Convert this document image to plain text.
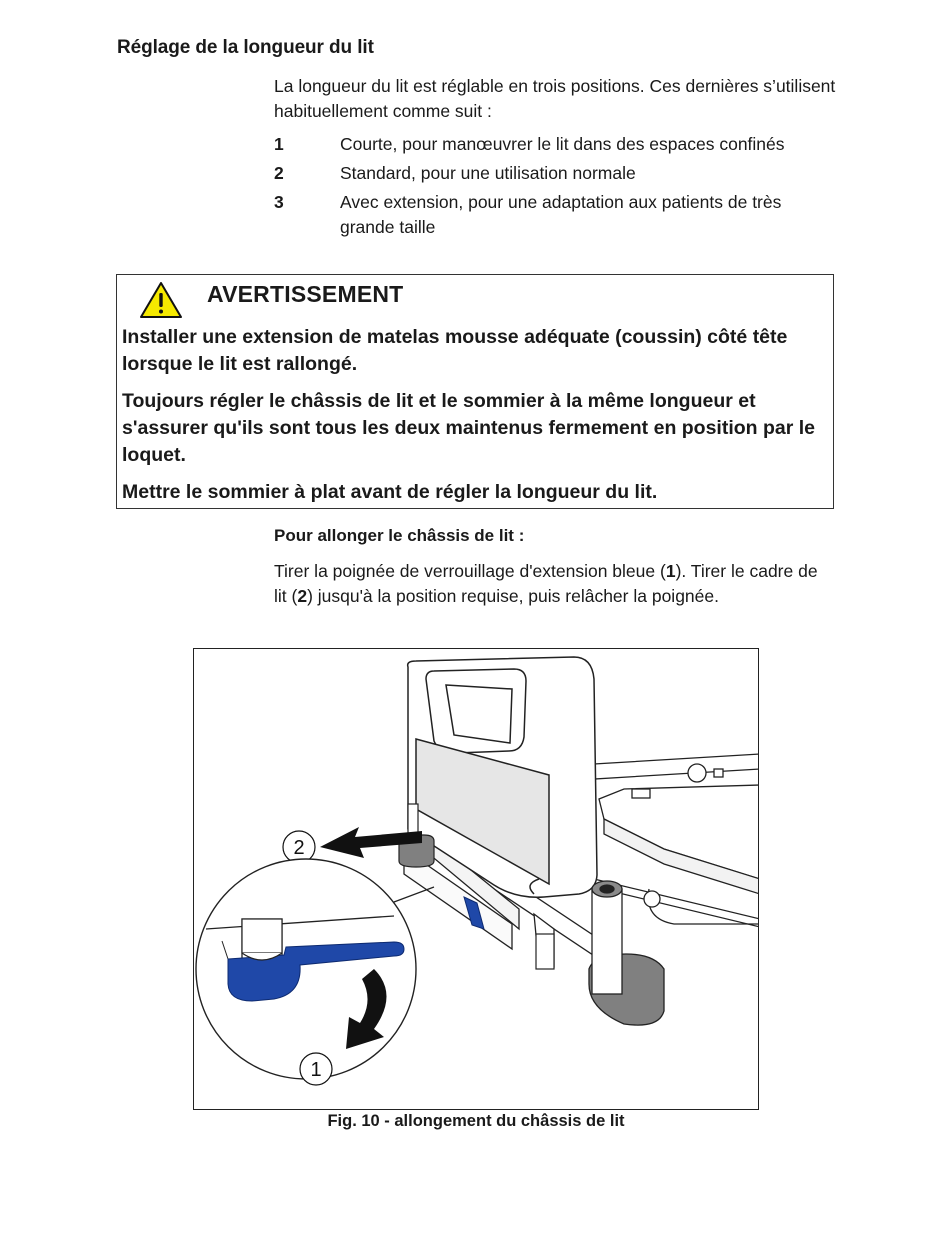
Réglage de la longueur du lit
La longueur du lit est réglable en trois positions. Ces dernières s’utilisent habituellement comme suit :
1	Courte, pour manœuvrer le lit dans des espaces confinés
2	Standard, pour une utilisation normale
3	Avec extension, pour une adaptation aux patients de très grande taille
AVERTISSEMENT

Installer une extension de matelas mousse adéquate (coussin) côté tête lorsque le lit est rallongé.

Toujours régler le châssis de lit et le sommier à la même longueur et s'assurer qu'ils sont tous les deux maintenus fermement en position par le loquet.

Mettre le sommier à plat avant de régler la longueur du lit.

Pour allonger le châssis de lit :
Tirer la poignée de verrouillage d'extension bleue (1). Tirer le cadre de lit (2) jusqu'à la position requise, puis relâcher la poignée.
2
1
Fig. 10 - allongement du châssis de lit
